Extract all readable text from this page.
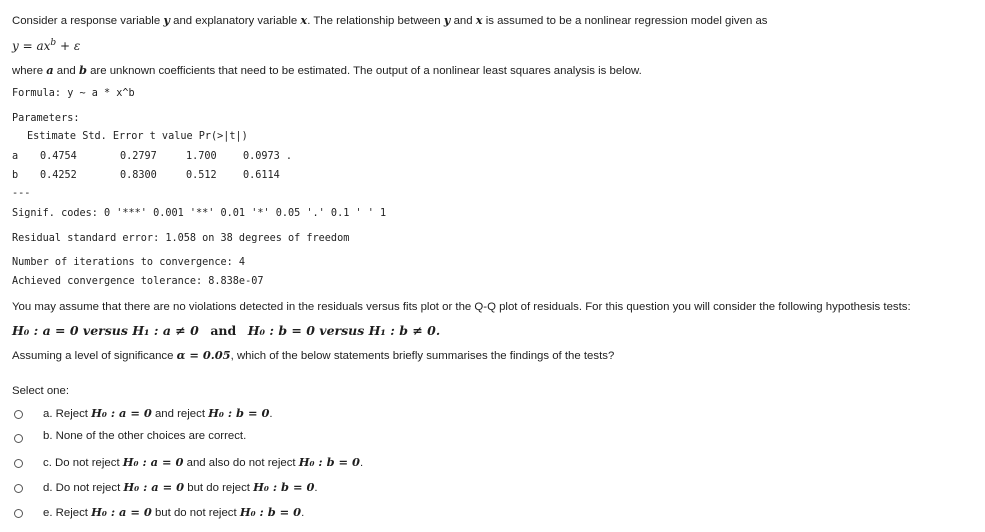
Consider a response variable y and explanatory variable x. The relationship between y and x is assumed to be a nonlinear regression model given as
$y = ax^b + \varepsilon$
where a and b are unknown coefficients that need to be estimated. The output of a nonlinear least squares analysis is below.
Formula: y ~ a * x^b
Parameters:
Estimate Std. Error t value Pr(>|t|)
a 0.4754	0.2797	1.700	0.0973 .
b 0.4252	0.8300	0.512	0.6114
---
Signif. codes: 0 '***' 0.001 '**' 0.01 '*' 0.05 '.' 0.1 ' ' 1
Residual standard error: 1.058 on 38 degrees of freedom
Number of iterations to convergence: 4
Achieved convergence tolerance: 8.838e-07
You may assume that there are no violations detected in the residuals versus fits plot or the Q-Q plot of residuals. For this question you will consider the following hypothesis tests:
H₀ : a = 0 versus H₁ : a ≠ 0 and H₀ : b = 0 versus H₁ : b ≠ 0.
Assuming a level of significance α = 0.05, which of the below statements briefly summarises the findings of the tests?
Select one:
a. Reject H₀ : a = 0 and reject H₀ : b = 0.
b. None of the other choices are correct.
c. Do not reject H₀ : a = 0 and also do not reject H₀ : b = 0.
d. Do not reject H₀ : a = 0 but do reject H₀ : b = 0.
e. Reject H₀ : a = 0 but do not reject H₀ : b = 0.
